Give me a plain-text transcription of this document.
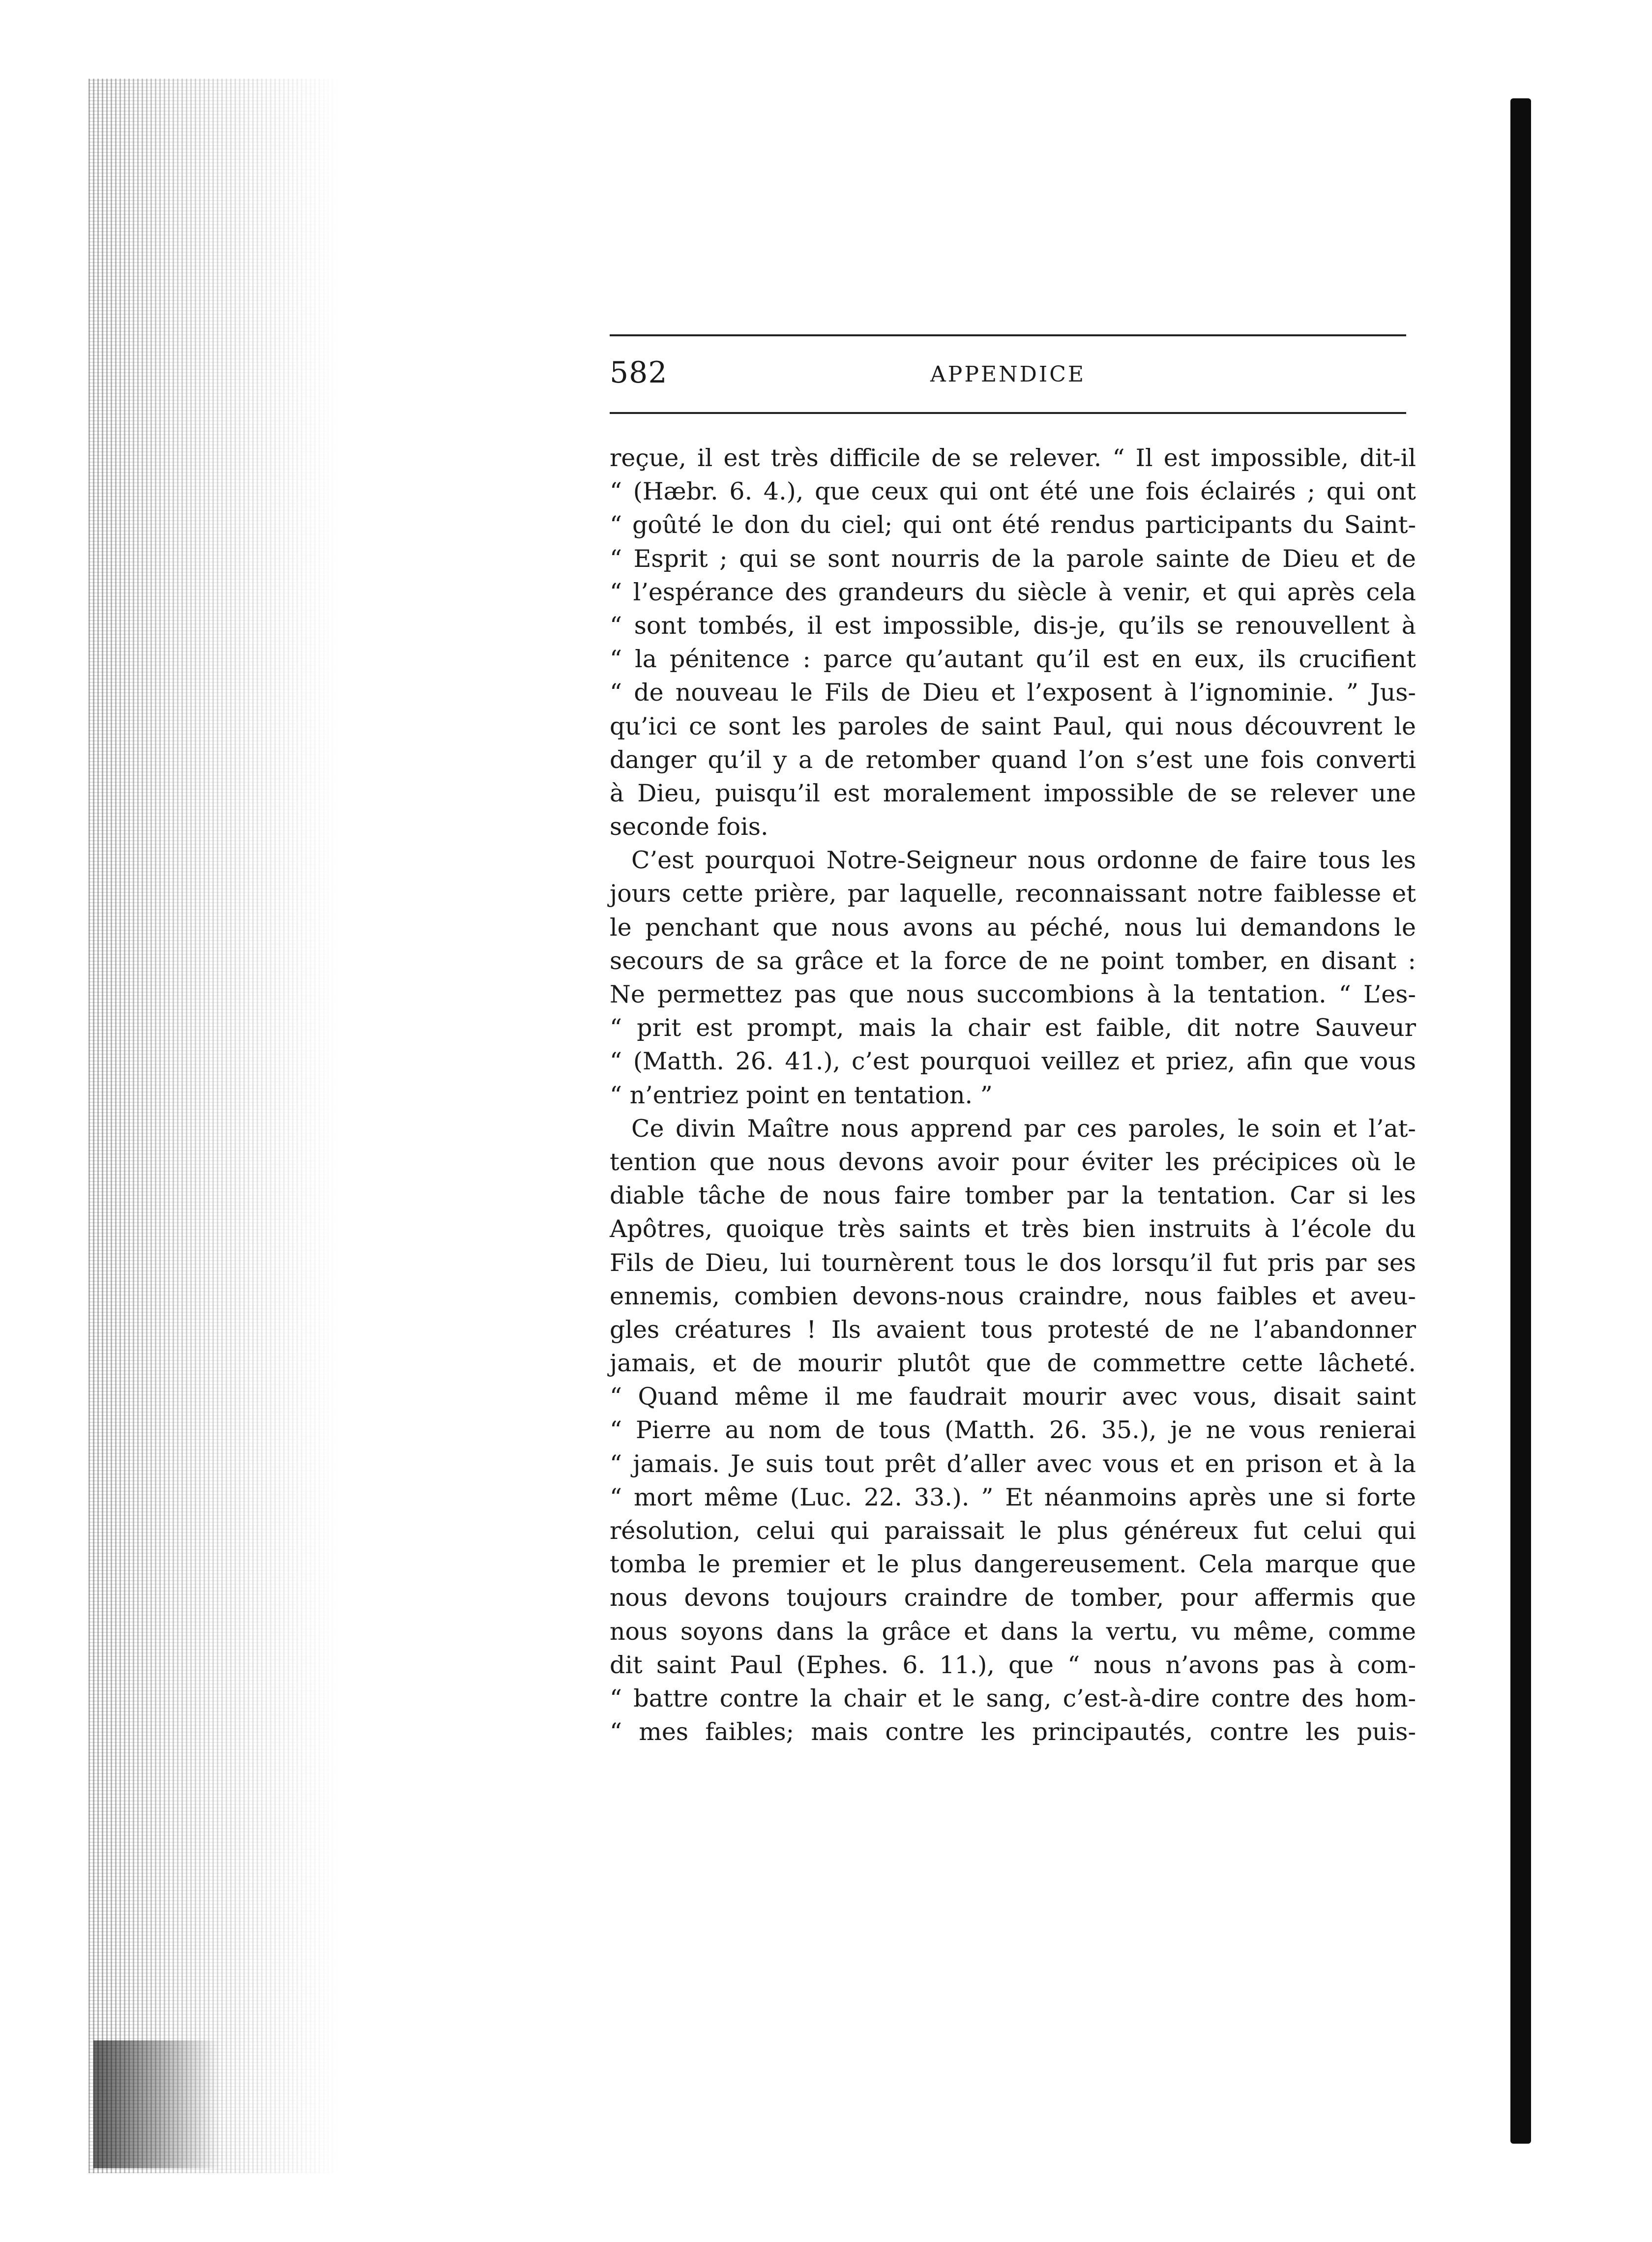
582	APPENDICE
reçue, il est très difficile de se relever. “ Il est impossible, dit-il
“ (Hæbr. 6. 4.), que ceux qui ont été une fois éclairés ; qui ont
“ goûté le don du ciel; qui ont été rendus participants du Saint-
“ Esprit ; qui se sont nourris de la parole sainte de Dieu et de
“ l’espérance des grandeurs du siècle à venir, et qui après cela
“ sont tombés, il est impossible, dis-je, qu’ils se renouvellent à
“ la pénitence : parce qu’autant qu’il est en eux, ils crucifient
“ de nouveau le Fils de Dieu et l’exposent à l’ignominie. ” Jus-
qu’ici ce sont les paroles de saint Paul, qui nous découvrent le
danger qu’il y a de retomber quand l’on s’est une fois converti
à Dieu, puisqu’il est moralement impossible de se relever une
seconde fois.
C’est pourquoi Notre-Seigneur nous ordonne de faire tous les
jours cette prière, par laquelle, reconnaissant notre faiblesse et
le penchant que nous avons au péché, nous lui demandons le
secours de sa grâce et la force de ne point tomber, en disant :
Ne permettez pas que nous succombions à la tentation. “ L’es-
“ prit est prompt, mais la chair est faible, dit notre Sauveur
“ (Matth. 26. 41.), c’est pourquoi veillez et priez, afin que vous
“ n’entriez point en tentation. ”
Ce divin Maître nous apprend par ces paroles, le soin et l’at-
tention que nous devons avoir pour éviter les précipices où le
diable tâche de nous faire tomber par la tentation. Car si les
Apôtres, quoique très saints et très bien instruits à l’école du
Fils de Dieu, lui tournèrent tous le dos lorsqu’il fut pris par ses
ennemis, combien devons-nous craindre, nous faibles et aveu-
gles créatures ! Ils avaient tous protesté de ne l’abandonner
jamais, et de mourir plutôt que de commettre cette lâcheté.
“ Quand même il me faudrait mourir avec vous, disait saint
“ Pierre au nom de tous (Matth. 26. 35.), je ne vous renierai
“ jamais. Je suis tout prêt d’aller avec vous et en prison et à la
“ mort même (Luc. 22. 33.). ” Et néanmoins après une si forte
résolution, celui qui paraissait le plus généreux fut celui qui
tomba le premier et le plus dangereusement. Cela marque que
nous devons toujours craindre de tomber, pour affermis que
nous soyons dans la grâce et dans la vertu, vu même, comme
dit saint Paul (Ephes. 6. 11.), que “ nous n’avons pas à com-
“ battre contre la chair et le sang, c’est-à-dire contre des hom-
“ mes faibles; mais contre les principautés, contre les puis-
